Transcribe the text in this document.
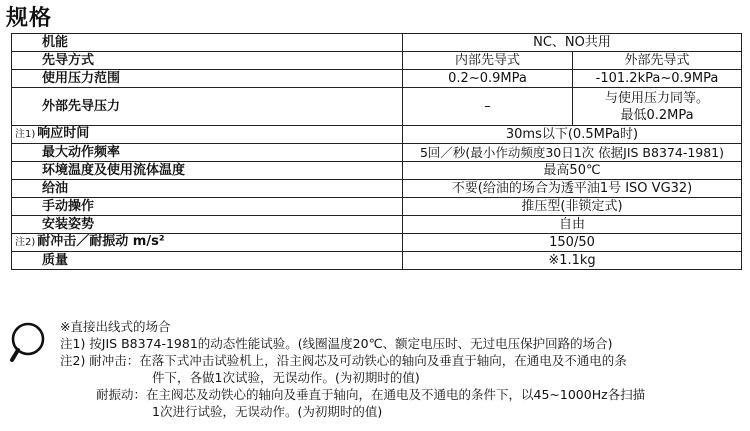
规格
机能	NC、NO共用	
先导方式	内部先导式	外部先导式
使用压力范围	0.2~0.9MPa	-101.2kPa~0.9MPa
外部先导压力	–	与使用压力同等。
最低0.2MPa

注1) 响应时间	30ms以下(0.5MPa时)	
最大动作频率	5回／秒(最小作动频度30日1次 依据JIS B8374-1981)	
环境温度及使用流体温度	最高50℃	
给油	不要(给油的场合为透平油1号 ISO VG32)	
手动操作	推压型(非锁定式)	
安装姿势	自由	
注2) 耐冲击／耐振动 m/s²	150/50	
质量	※1.1kg	
※直接出线式的场合
注1) 按JIS B8374-1981的动态性能试验。(线圈温度20℃、额定电压时、无过电压保护回路的场合)
注2) 耐冲击：在落下式冲击试验机上，沿主阀芯及可动铁心的轴向及垂直于轴向，在通电及不通电的条
件下，各做1次试验，无误动作。(为初期时的值)
耐振动：在主阀芯及动铁心的轴向及垂直于轴向，在通电及不通电的条件下，以45~1000Hz各扫描
1次进行试验，无误动作。(为初期时的值)
